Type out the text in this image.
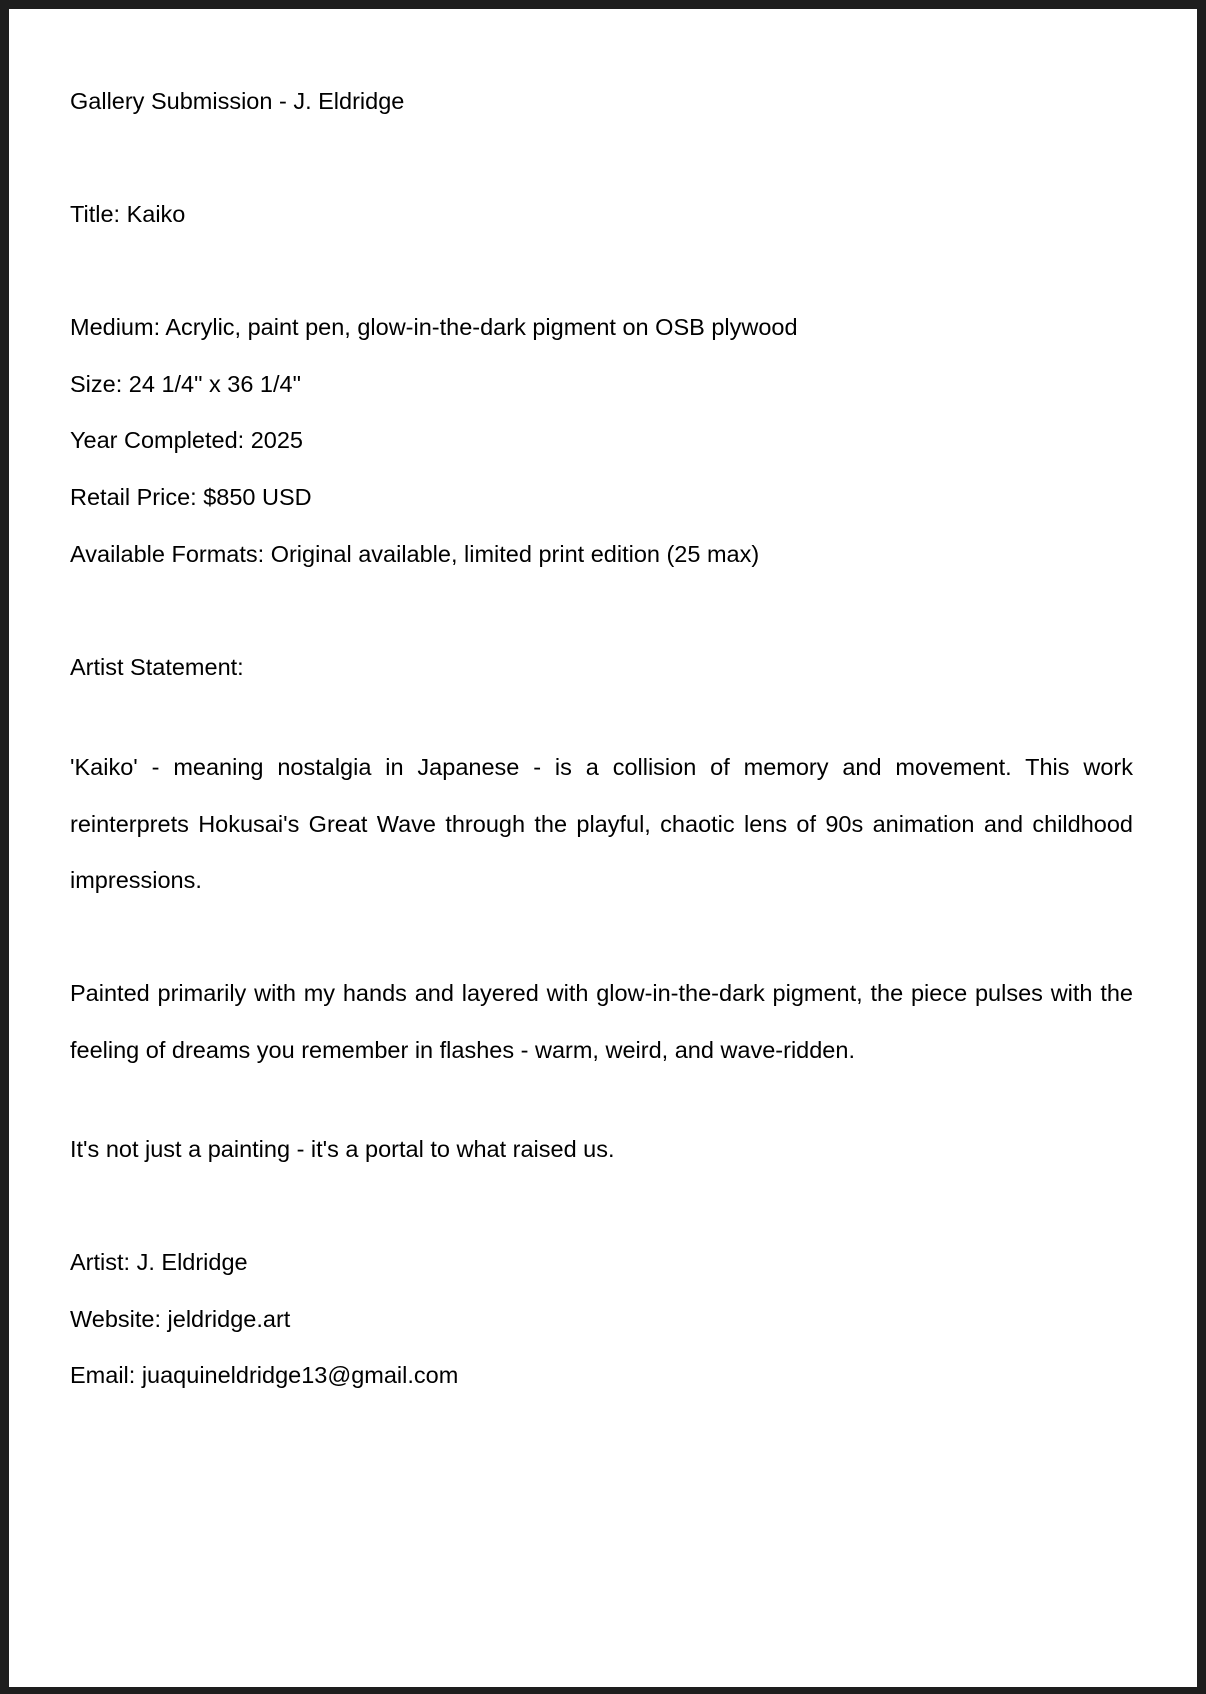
Gallery Submission - J. Eldridge
Title: Kaiko
Medium: Acrylic, paint pen, glow-in-the-dark pigment on OSB plywood
Size: 24 1/4" x 36 1/4"
Year Completed: 2025
Retail Price: $850 USD
Available Formats: Original available, limited print edition (25 max)
Artist Statement:
'Kaiko' - meaning nostalgia in Japanese - is a collision of memory and movement. This work reinterprets Hokusai's Great Wave through the playful, chaotic lens of 90s animation and childhood impressions.
Painted primarily with my hands and layered with glow-in-the-dark pigment, the piece pulses with the feeling of dreams you remember in flashes - warm, weird, and wave-ridden.
It's not just a painting - it's a portal to what raised us.
Artist: J. Eldridge
Website: jeldridge.art
Email: juaquineldridge13@gmail.com
